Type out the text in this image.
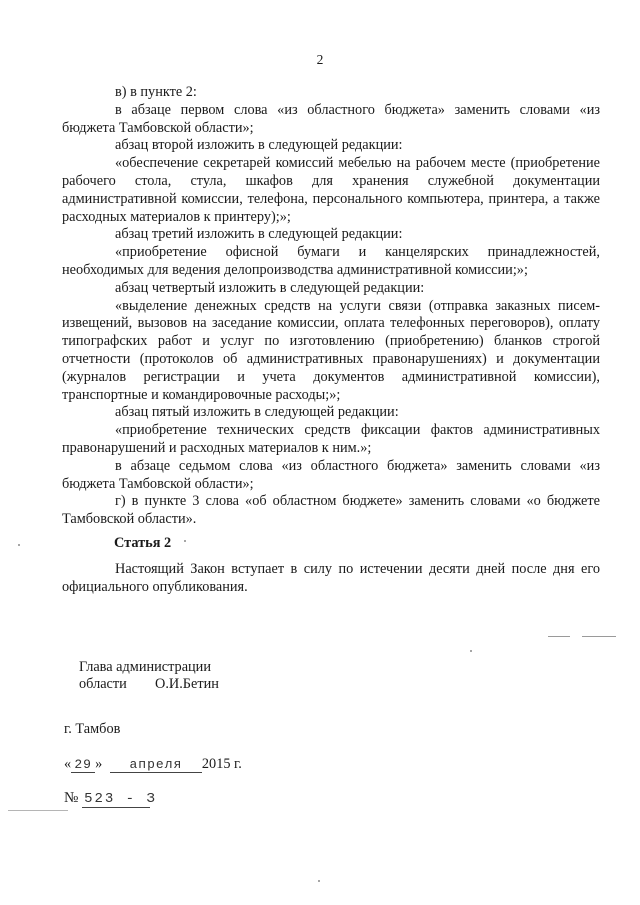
2

в) в пункте 2:

в абзаце первом слова «из областного бюджета» заменить словами «из бюджета Тамбовской области»;

абзац второй изложить в следующей редакции:

«обеспечение секретарей комиссий мебелью на рабочем месте (приобретение рабочего стола, стула, шкафов для хранения служебной документации административной комиссии, телефона, персонального компьютера, принтера, а также расходных материалов к принтеру);»;

абзац третий изложить в следующей редакции:

«приобретение офисной бумаги и канцелярских принадлежностей, необходимых для ведения делопроизводства административной комиссии;»;

абзац четвертый изложить в следующей редакции:

«выделение денежных средств на услуги связи (отправка заказных писем-извещений, вызовов на заседание комиссии, оплата телефонных переговоров), оплату типографских работ и услуг по изготовлению (приобретению) бланков строгой отчетности (протоколов об административных правонарушениях) и документации (журналов регистрации и учета документов административной комиссии), транспортные и командировочные расходы;»;

абзац пятый изложить в следующей редакции:

«приобретение технических средств фиксации фактов административных правонарушений и расходных материалов к ним.»;

в абзаце седьмом слова «из областного бюджета» заменить словами «из бюджета Тамбовской области»;

г) в пункте 3 слова «об областном бюджете» заменить словами «о бюджете Тамбовской области».

Статья 2

Настоящий Закон вступает в силу по истечении десяти дней после дня его официального опубликования.

Глава администрации
области	О.И.Бетин
г. Тамбов
« 29 » апреля 2015 г.
№ 523 - З
